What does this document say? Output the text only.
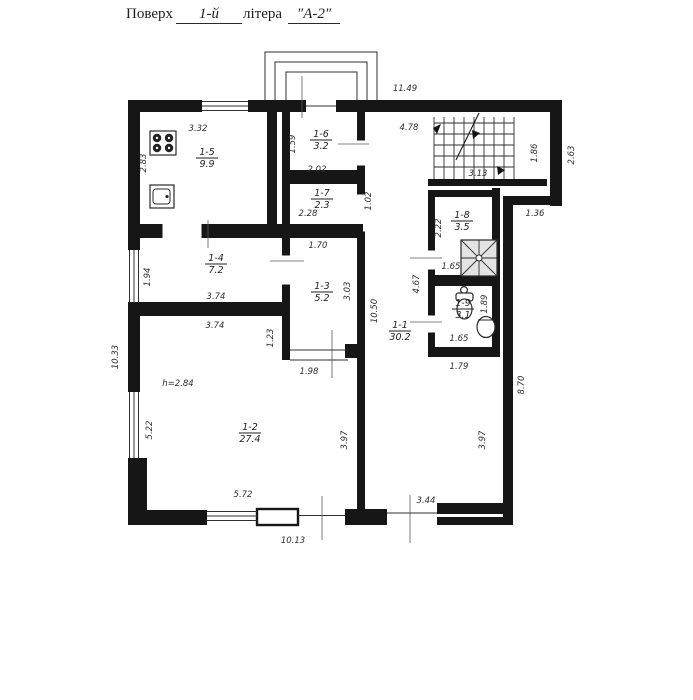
Поверх 1-й літера "А-2"
1-1
30.2
1-2
27.4
1-3
5.2
1-4
7.2
1-5
9.9
1-6
3.2
1-7
2.3
1-8
3.5
1-9
3.1
11.49
4.78
2.63
1.86
3.13
1.36
3.32
2.83
1.59
2.02
2.28
1.02
2.22
1.70
1.94
3.74	3.03
10.50
4.67
1.65
1.89
1.65
1.79
3.74
1.23
1.98
h=2.84
10.33
5.22
3.97	3.97
8.70
5.72
3.44
10.13
